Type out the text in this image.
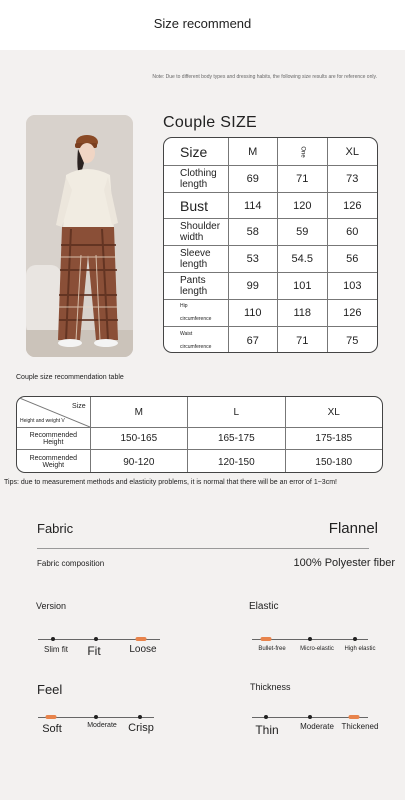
Size recommend
Note: Due to different body types and dressing habits, the following size results are for reference only.
Couple SIZE
Size	M	One	XL
Clothing length	69	71	73
Bust	114	120	126
Shoulder width	58	59	60
Sleeve length	53	54.5	56
Pants length	99	101	103
Hip
circumference	110	118	126
Waist
circumference	67	71	75
Couple size recommendation table
Size
Height and weight V
M	L	XL
Recommended
Height	150-165	165-175	175-185
Recommended
Weight	90-120	120-150	150-180
Tips: due to measurement methods and elasticity problems, it is normal that there will be an error of 1~3cm!
Fabric	Flannel
Fabric composition	100% Polyester fiber
Version
Slim fit Fit	Loose
Elastic
Bullet-free Micro-elastic High elastic
Feel
Soft	Moderate Crisp
Thickness
Thin	Moderate Thickened
